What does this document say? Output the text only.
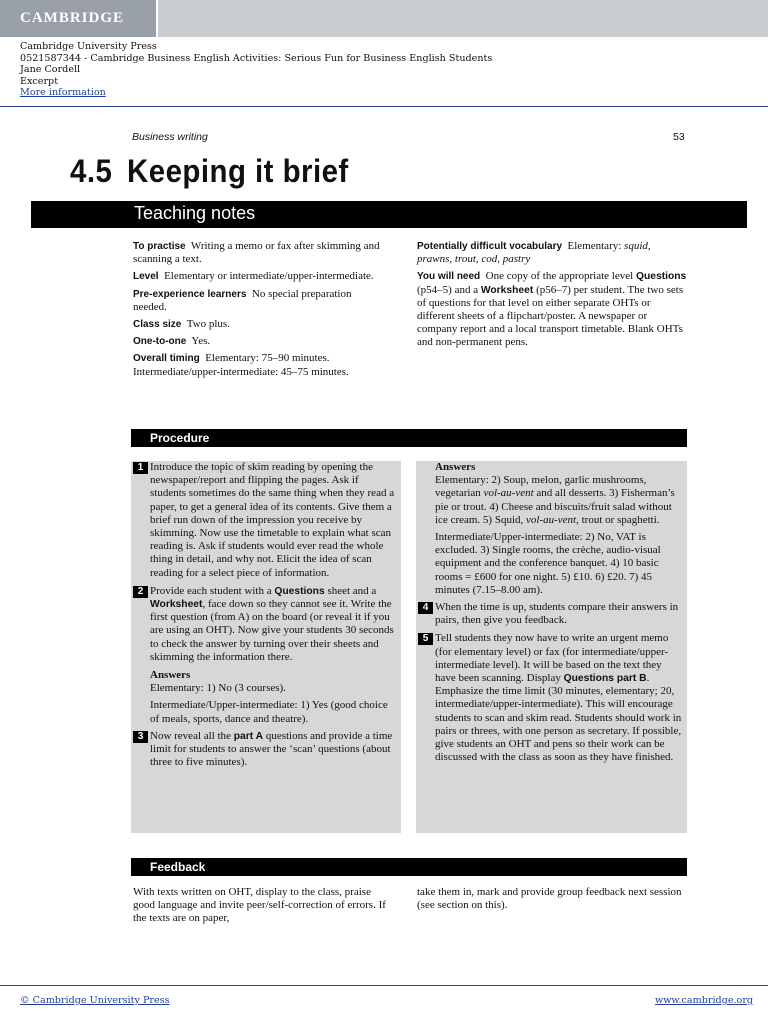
CAMBRIDGE
Cambridge University Press
0521587344 - Cambridge Business English Activities: Serious Fun for Business English Students
Jane Cordell
Excerpt
More information
Business writing	53
4.5 Keeping it brief
Teaching notes

To practise Writing a memo or fax after skimming and scanning a text.

Level Elementary or intermediate/upper-intermediate.

Pre-experience learners No special preparation needed.

Class size Two plus.

One-to-one Yes.

Overall timing Elementary: 75–90 minutes. Intermediate/upper-intermediate: 45–75 minutes.

Potentially difficult vocabulary Elementary: squid, prawns, trout, cod, pastry

You will need One copy of the appropriate level Questions (p54–5) and a Worksheet (p56–7) per student. The two sets of questions for that level on either separate OHTs or different sheets of a flipchart/poster. A newspaper or company report and a local transport timetable. Blank OHTs and non-permanent pens.

Procedure
1 Introduce the topic of skim reading by opening the newspaper/report and flipping the pages. Ask if students sometimes do the same thing when they read a paper, to get a general idea of its contents. Give them a brief run down of the impression you receive by skimming. Now use the timetable to explain what scan reading is. Ask if students would ever read the whole thing in detail, and why not. Elicit the idea of scan reading for a select piece of information.
2 Provide each student with a Questions sheet and a Worksheet, face down so they cannot see it. Write the first question (from A) on the board (or reveal it if you are using an OHT). Now give your students 30 seconds to check the answer by turning over their sheets and skimming the information there.
Answers

Elementary: 1) No (3 courses).

Intermediate/Upper-intermediate: 1) Yes (good choice of meals, sports, dance and theatre).

3 Now reveal all the part A questions and provide a time limit for students to answer the ‘scan’ questions (about three to five minutes).
Answers

Elementary: 2) Soup, melon, garlic mushrooms, vegetarian vol-au-vent and all desserts. 3) Fisherman’s pie or trout. 4) Cheese and biscuits/fruit salad without ice cream. 5) Squid, vol-au-vent, trout or spaghetti.

Intermediate/Upper-intermediate: 2) No, VAT is excluded. 3) Single rooms, the crèche, audio-visual equipment and the conference banquet. 4) 10 basic rooms = £600 for one night. 5) £10. 6) £20. 7) 45 minutes (7.15–8.00 am).

4 When the time is up, students compare their answers in pairs, then give you feedback.
5 Tell students they now have to write an urgent memo (for elementary level) or fax (for intermediate/upper-intermediate level). It will be based on the text they have been scanning. Display Questions part B. Emphasize the time limit (30 minutes, elementary; 20, intermediate/upper-intermediate). This will encourage students to scan and skim read. Students should work in pairs or threes, with one person as secretary. If possible, give students an OHT and pens so their work can be discussed with the class as soon as they have finished.
Feedback

With texts written on OHT, display to the class, praise good language and invite peer/self-correction of errors. If the texts are on paper,

take them in, mark and provide group feedback next session (see section on this).

© Cambridge University Press	www.cambridge.org
